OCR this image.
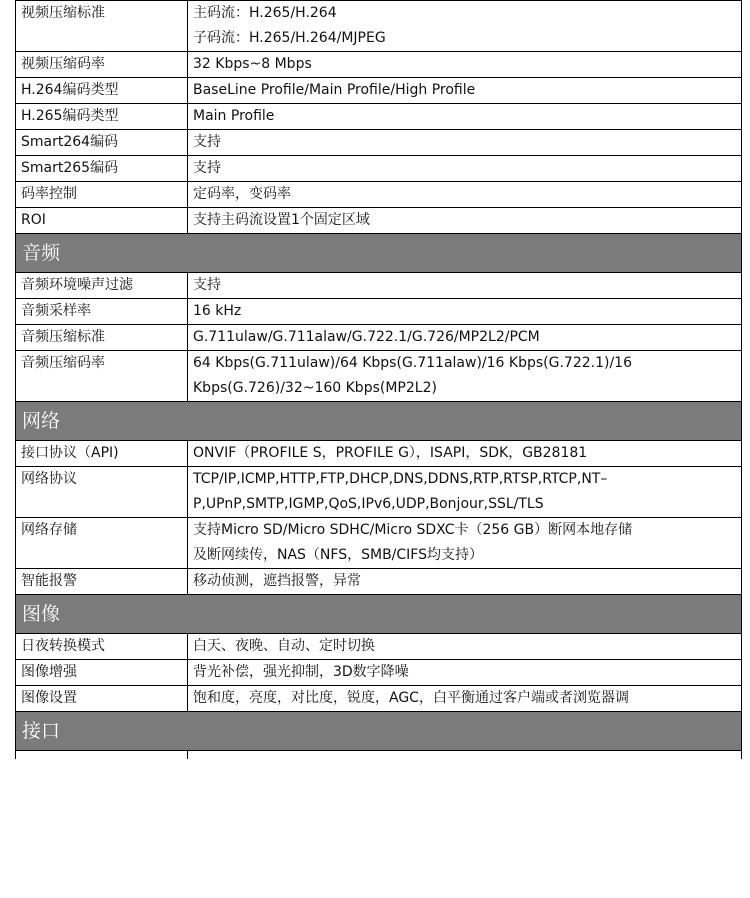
视频压缩标准	主码流：H.265/H.264
子码流：H.265/H.264/MJPEG

视频压缩码率	32 Kbps~8 Mbps

H.264编码类型	BaseLine Profile/Main Profile/High Profile

H.265编码类型	Main Profile

Smart264编码	支持

Smart265编码	支持

码率控制	定码率，变码率

ROI	支持主码流设置1个固定区域

音频	
音频环境噪声过滤	支持

音频采样率	16 kHz

音频压缩标准	G.711ulaw/G.711alaw/G.722.1/G.726/MP2L2/PCM

音频压缩码率	64 Kbps(G.711ulaw)/64 Kbps(G.711alaw)/16 Kbps(G.722.1)/16
Kbps(G.726)/32~160 Kbps(MP2L2)

网络	
接口协议（API)	ONVIF（PROFILE S，PROFILE G），ISAPI，SDK，GB28181

网络协议	TCP/IP,ICMP,HTTP,FTP,DHCP,DNS,DDNS,RTP,RTSP,RTCP,NT–
P,UPnP,SMTP,IGMP,QoS,IPv6,UDP,Bonjour,SSL/TLS

网络存储	支持Micro SD/Micro SDHC/Micro SDXC卡（256 GB）断网本地存储
及断网续传，NAS（NFS，SMB/CIFS均支持）

智能报警	移动侦测，遮挡报警，异常

图像	
日夜转换模式	白天、夜晚、自动、定时切换

图像增强	背光补偿，强光抑制，3D数字降噪

图像设置	饱和度，亮度，对比度，锐度，AGC，白平衡通过客户端或者浏览器调

接口	
